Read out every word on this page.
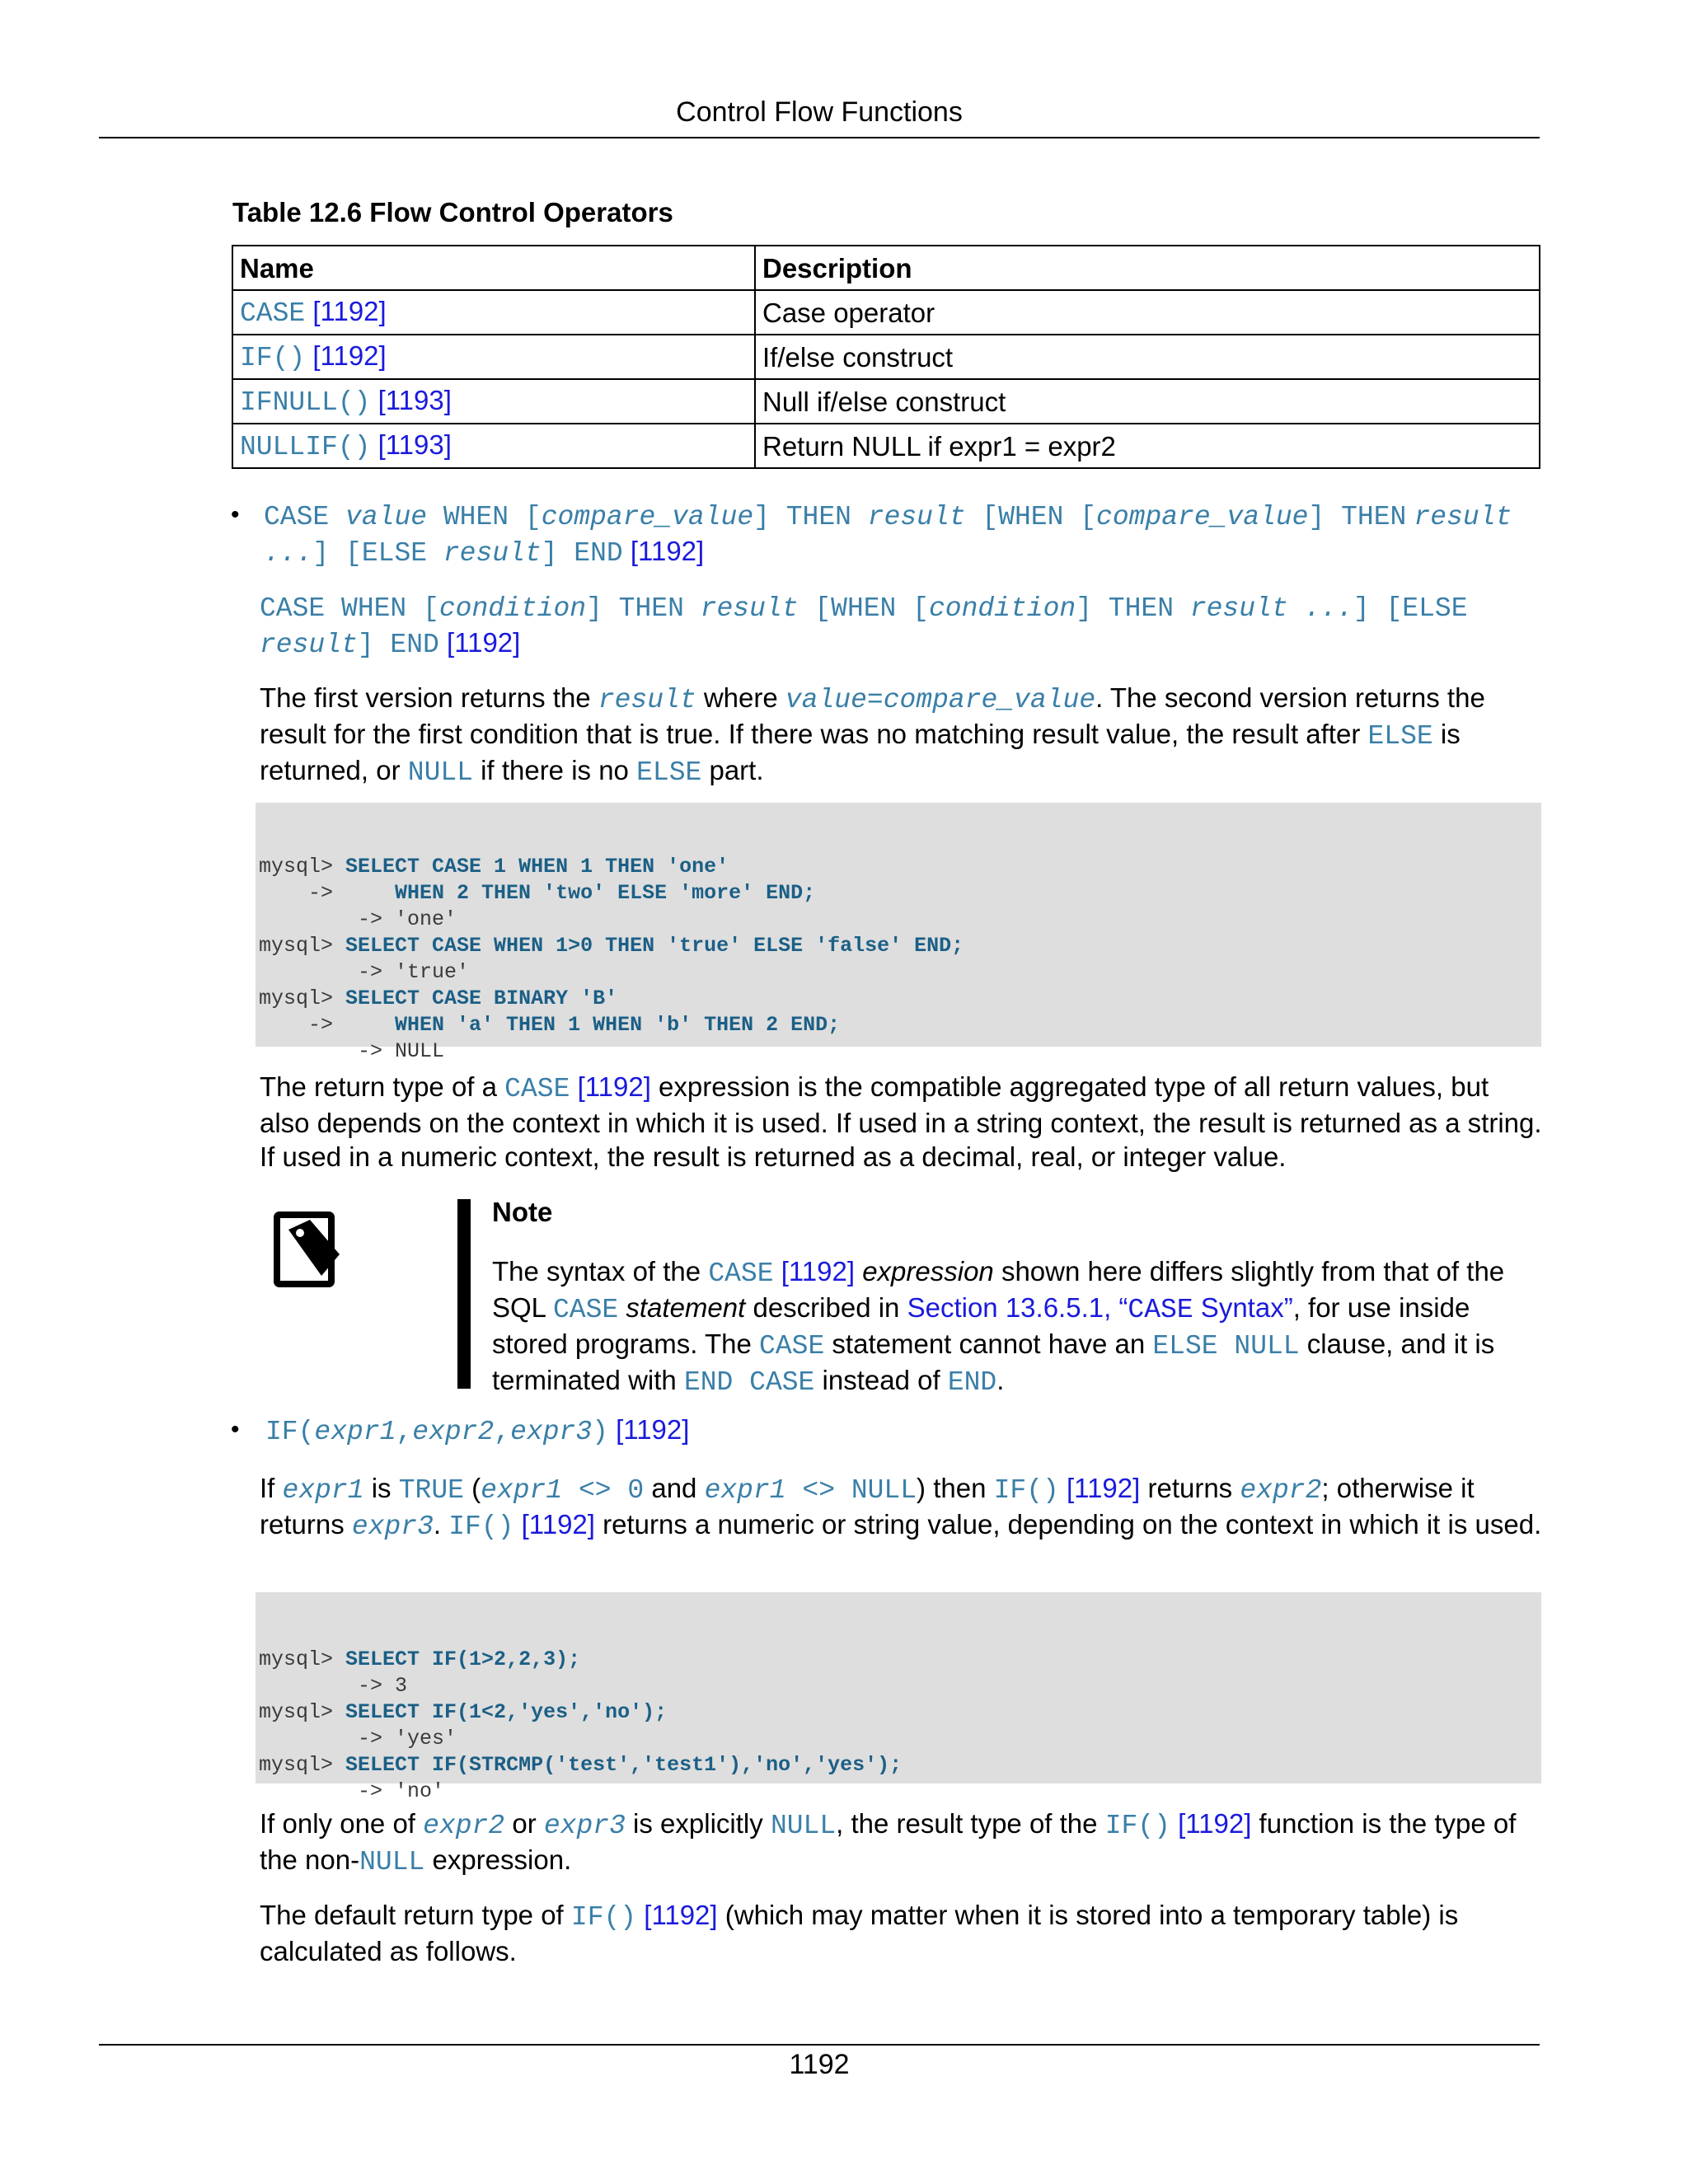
Control Flow Functions
Table 12.6 Flow Control Operators
Name	Description
CASE [1192]	Case operator
IF() [1192]	If/else construct
IFNULL() [1193]	Null if/else construct
NULLIF() [1193]	Return NULL if expr1 = expr2
• CASE value WHEN [compare_value] THEN result [WHEN [compare_value] THEN result ...] [ELSE result] END [1192]

CASE WHEN [condition] THEN result [WHEN [condition] THEN result ...] [ELSE result] END [1192]

The first version returns the result where value=compare_value. The second version returns the result for the first condition that is true. If there was no matching result value, the result after ELSE is returned, or NULL if there is no ELSE part.

mysql> SELECT CASE 1 WHEN 1 THEN 'one'
->     WHEN 2 THEN 'two' ELSE 'more' END;
-> 'one'
mysql> SELECT CASE WHEN 1>0 THEN 'true' ELSE 'false' END;
-> 'true'
mysql> SELECT CASE BINARY 'B'
->     WHEN 'a' THEN 1 WHEN 'b' THEN 2 END;
-> NULL

The return type of a CASE [1192] expression is the compatible aggregated type of all return values, but also depends on the context in which it is used. If used in a string context, the result is returned as a string. If used in a numeric context, the result is returned as a decimal, real, or integer value.

Note

The syntax of the CASE [1192] expression shown here differs slightly from that of the SQL CASE statement described in Section 13.6.5.1, “CASE Syntax”, for use inside stored programs. The CASE statement cannot have an ELSE NULL clause, and it is terminated with END CASE instead of END.

• IF(expr1,expr2,expr3) [1192]

If expr1 is TRUE (expr1 <> 0 and expr1 <> NULL) then IF() [1192] returns expr2; otherwise it returns expr3. IF() [1192] returns a numeric or string value, depending on the context in which it is used.

mysql> SELECT IF(1>2,2,3);
-> 3
mysql> SELECT IF(1<2,'yes','no');
-> 'yes'
mysql> SELECT IF(STRCMP('test','test1'),'no','yes');
-> 'no'

If only one of expr2 or expr3 is explicitly NULL, the result type of the IF() [1192] function is the type of the non-NULL expression.

The default return type of IF() [1192] (which may matter when it is stored into a temporary table) is calculated as follows.

1192
